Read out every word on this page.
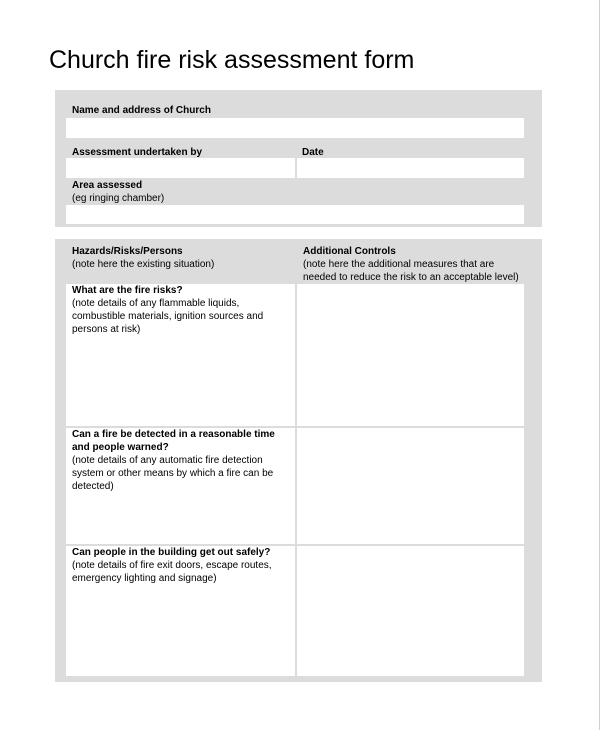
Church fire risk assessment form
Name and address of Church
Assessment undertaken by	Date
Area assessed
(eg ringing chamber)
Hazards/Risks/Persons
(note here the existing situation)
Additional Controls
(note here the additional measures that are
needed to reduce the risk to an acceptable level)
What are the fire risks?
(note details of any flammable liquids,
combustible materials, ignition sources and
persons at risk)
Can a fire be detected in a reasonable time
and people warned?
(note details of any automatic fire detection
system or other means by which a fire can be
detected)
Can people in the building get out safely?
(note details of fire exit doors, escape routes,
emergency lighting and signage)
